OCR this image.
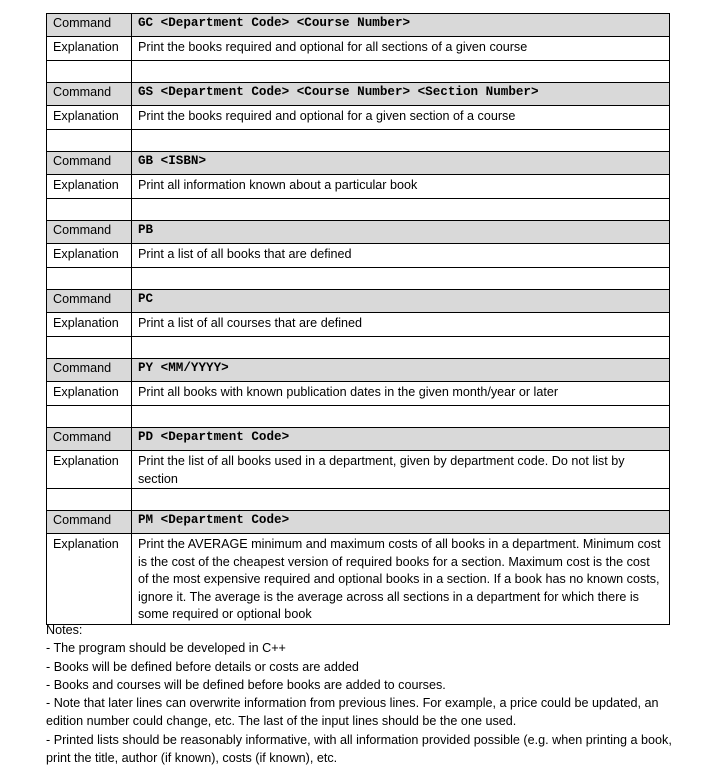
Command	GC <Department Code> <Course Number>
Explanation	Print the books required and optional for all sections of a given course

Command	GS <Department Code> <Course Number> <Section Number>
Explanation	Print the books required and optional for a given section of a course

Command	GB <ISBN>
Explanation	Print all information known about a particular book

Command	PB
Explanation	Print a list of all books that are defined

Command	PC
Explanation	Print a list of all courses that are defined

Command	PY <MM/YYYY>
Explanation	Print all books with known publication dates in the given month/year or later

Command	PD <Department Code>
Explanation	Print the list of all books used in a department, given by department code. Do not list by section

Command	PM <Department Code>
Explanation	Print the AVERAGE minimum and maximum costs of all books in a department. Minimum cost is the cost of the cheapest version of required books for a section. Maximum cost is the cost of the most expensive required and optional books in a section. If a book has no known costs, ignore it. The average is the average across all sections in a department for which there is some required or optional book
Notes:
- The program should be developed in C++
- Books will be defined before details or costs are added
- Books and courses will be defined before books are added to courses.
- Note that later lines can overwrite information from previous lines. For example, a price could be updated, an edition number could change, etc. The last of the input lines should be the one used.
- Printed lists should be reasonably informative, with all information provided possible (e.g. when printing a book, print the title, author (if known), costs (if known), etc.
